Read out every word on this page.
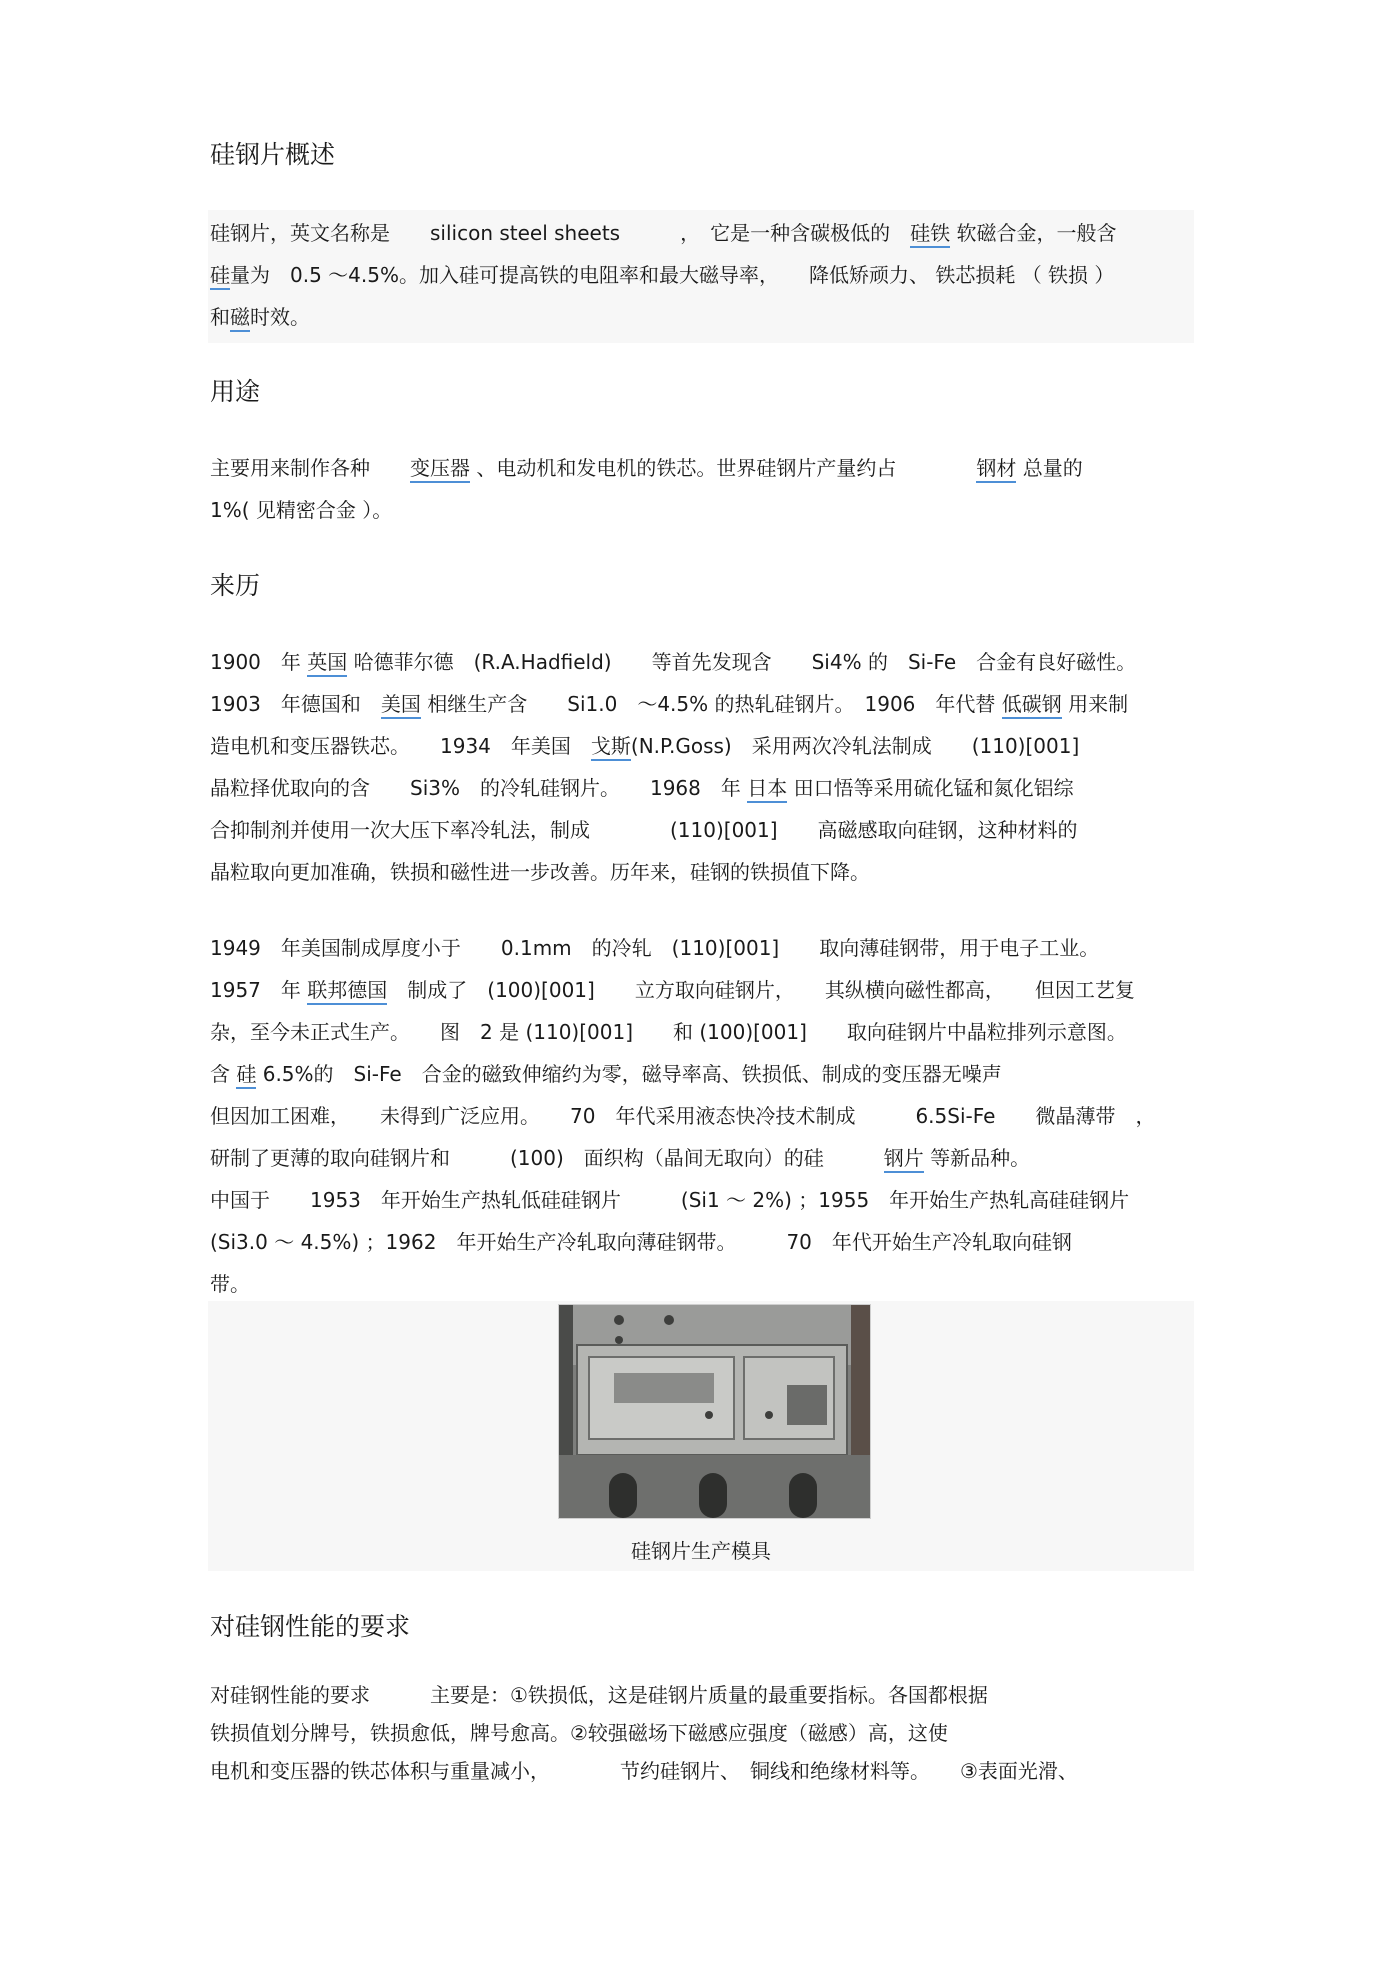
硅钢片概述
硅钢片，英文名称是　　silicon steel sheets　　　，　它是一种含碳极低的　硅铁 软磁合金，一般含
硅量为　0.5 ～4.5%。加入硅可提高铁的电阻率和最大磁导率，　　降低矫顽力、 铁芯损耗 （ 铁损 ）
和磁时效。
用途
主要用来制作各种　　变压器 、电动机和发电机的铁芯。世界硅钢片产量约占　　　　钢材 总量的
1%( 见精密合金 ）。
来历
1900　年 英国 哈德菲尔德　(R.A.Hadfield)　　等首先发现含　　Si4% 的　Si-Fe　合金有良好磁性。
1903　年德国和　美国 相继生产含　　Si1.0　～4.5% 的热轧硅钢片。　1906　年代替 低碳钢 用来制
造电机和变压器铁芯。　　1934　年美国　戈斯(N.P.Goss)　采用两次冷轧法制成　　(110)[001]
晶粒择优取向的含　　Si3%　的冷轧硅钢片。　　1968　年 日本 田口悟等采用硫化锰和氮化铝综
合抑制剂并使用一次大压下率冷轧法，制成　　　　(110)[001]　　高磁感取向硅钢，这种材料的
晶粒取向更加准确，铁损和磁性进一步改善。历年来，硅钢的铁损值下降。
1949　年美国制成厚度小于　　0.1mm　的冷轧　(110)[001]　　取向薄硅钢带，用于电子工业。
1957　年 联邦德国　制成了　(100)[001]　　立方取向硅钢片，　　其纵横向磁性都高，　　但因工艺复
杂，至今未正式生产。　　图　2 是 (110)[001]　　和 (100)[001]　　取向硅钢片中晶粒排列示意图。
含 硅 6.5%的　Si-Fe　合金的磁致伸缩约为零，磁导率高、铁损低、制成的变压器无噪声
但因加工困难，　　未得到广泛应用。　　70　年代采用液态快冷技术制成　　　6.5Si-Fe　　微晶薄带　，
研制了更薄的取向硅钢片和　　　(100)　面织构（晶间无取向）的硅　　　钢片 等新品种。
中国于　　1953　年开始生产热轧低硅硅钢片　　　(Si1 ～ 2%) ；1955　年开始生产热轧高硅硅钢片
(Si3.0 ～ 4.5%) ；1962　年开始生产冷轧取向薄硅钢带。　　　70　年代开始生产冷轧取向硅钢
带。
硅钢片生产模具
对硅钢性能的要求
对硅钢性能的要求　　　主要是：①铁损低，这是硅钢片质量的最重要指标。各国都根据
铁损值划分牌号，铁损愈低，牌号愈高。②较强磁场下磁感应强度（磁感）高，这使
电机和变压器的铁芯体积与重量减小，　　　　节约硅钢片、　铜线和绝缘材料等。　　③表面光滑、
